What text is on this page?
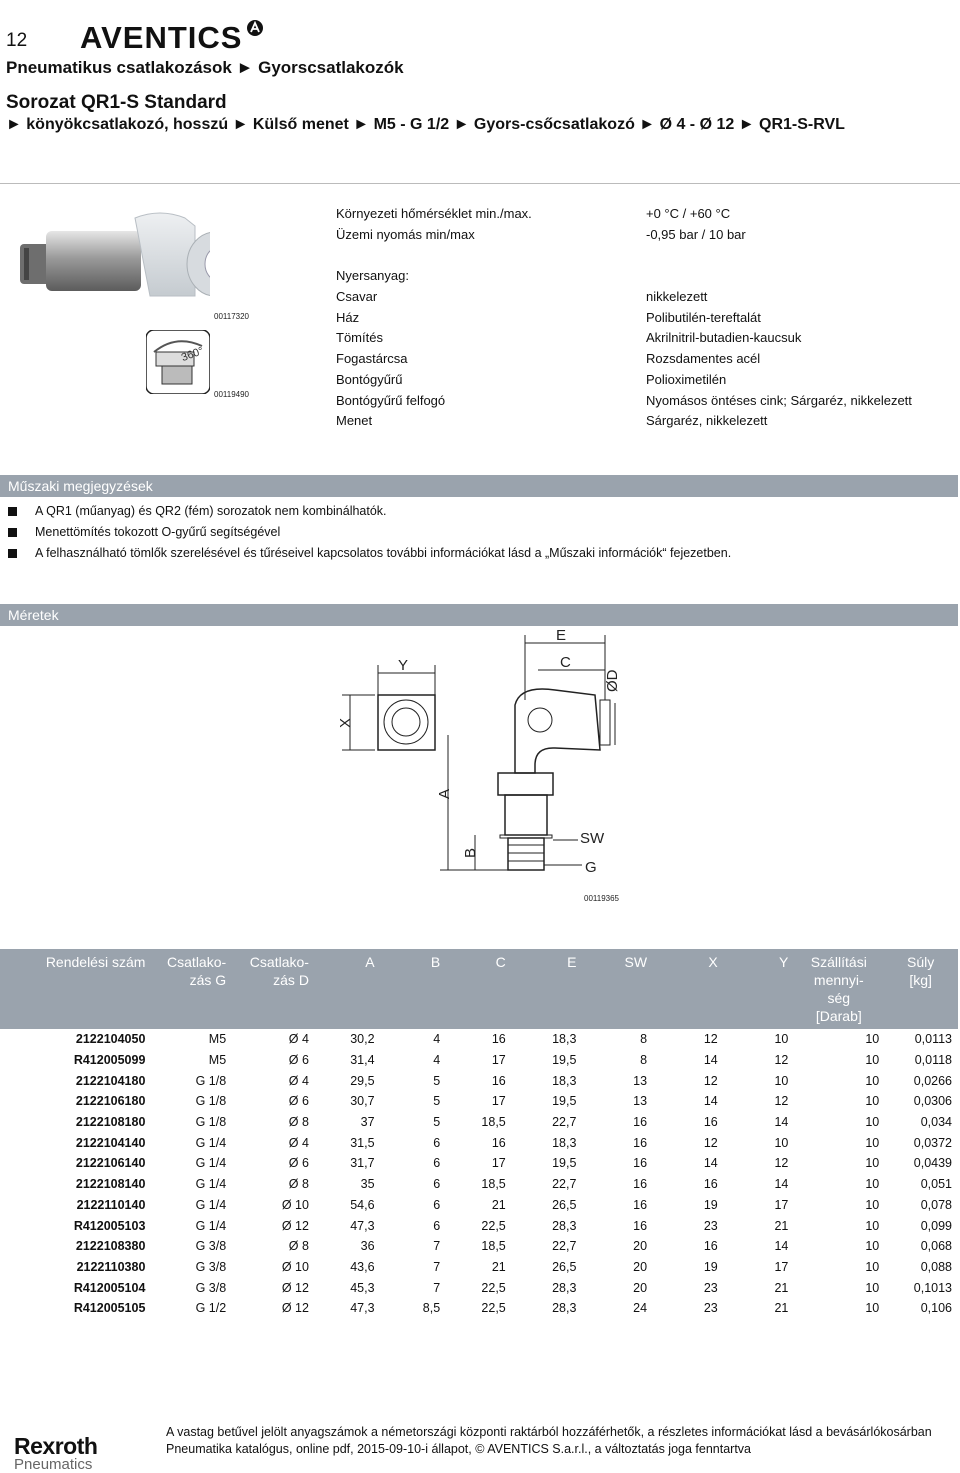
12 AVENTICS
Pneumatikus csatlakozások ► Gyorscsatlakozók
Sorozat QR1-S Standard
► könyökcsatlakozó, hosszú ► Külső menet ► M5 - G 1/2 ► Gyors-csőcsatlakozó ► Ø 4 - Ø 12 ► QR1-S-RVL
00117320
360°
00119490
Környezeti hőmérséklet min./max.	+0 °C / +60 °C
Üzemi nyomás min/max	-0,95 bar / 10 bar
Nyersanyag:
Csavar	nikkelezett
Ház	Polibutilén-tereftalát
Tömítés	Akrilnitril-butadien-kaucsuk
Fogastárcsa	Rozsdamentes acél
Bontógyűrű	Polioximetilén
Bontógyűrű felfogó	Nyomásos öntéses cink; Sárgaréz, nikkelezett
Menet	Sárgaréz, nikkelezett
Műszaki megjegyzések
A QR1 (műanyag) és QR2 (fém) sorozatok nem kombinálhatók.
Menettömítés tokozott O-gyűrű segítségével
A felhasználható tömlők szerelésével és tűréseivel kapcsolatos további információkat lásd a „Műszaki információk“ fejezetben.
Méretek
E
C
ØD
Y
X
A
B
SW
G
00119365
Rendelési szám	Csatlako-
zás G	Csatlako-
zás D	A	B	C	E	SW	X	Y	Szállítási
mennyi-
ség
[Darab]	Súly
[kg]
2122104050	M5	Ø 4	30,2	4	16	18,3	8	12	10	10	0,0113
R412005099	M5	Ø 6	31,4	4	17	19,5	8	14	12	10	0,0118
2122104180	G 1/8	Ø 4	29,5	5	16	18,3	13	12	10	10	0,0266
2122106180	G 1/8	Ø 6	30,7	5	17	19,5	13	14	12	10	0,0306
2122108180	G 1/8	Ø 8	37	5	18,5	22,7	16	16	14	10	0,034
2122104140	G 1/4	Ø 4	31,5	6	16	18,3	16	12	10	10	0,0372
2122106140	G 1/4	Ø 6	31,7	6	17	19,5	16	14	12	10	0,0439
2122108140	G 1/4	Ø 8	35	6	18,5	22,7	16	16	14	10	0,051
2122110140	G 1/4	Ø 10	54,6	6	21	26,5	16	19	17	10	0,078
R412005103	G 1/4	Ø 12	47,3	6	22,5	28,3	16	23	21	10	0,099
2122108380	G 3/8	Ø 8	36	7	18,5	22,7	20	16	14	10	0,068
2122110380	G 3/8	Ø 10	43,6	7	21	26,5	20	19	17	10	0,088
R412005104	G 3/8	Ø 12	45,3	7	22,5	28,3	20	23	21	10	0,1013
R412005105	G 1/2	Ø 12	47,3	8,5	22,5	28,3	24	23	21	10	0,106
Rexroth
Pneumatics
A vastag betűvel jelölt anyagszámok a németországi központi raktárból hozzáférhetők, a részletes információkat lásd a bevásárlókosárban
Pneumatika katalógus, online pdf, 2015-09-10-i állapot, © AVENTICS S.a.r.l., a változtatás joga fenntartva
